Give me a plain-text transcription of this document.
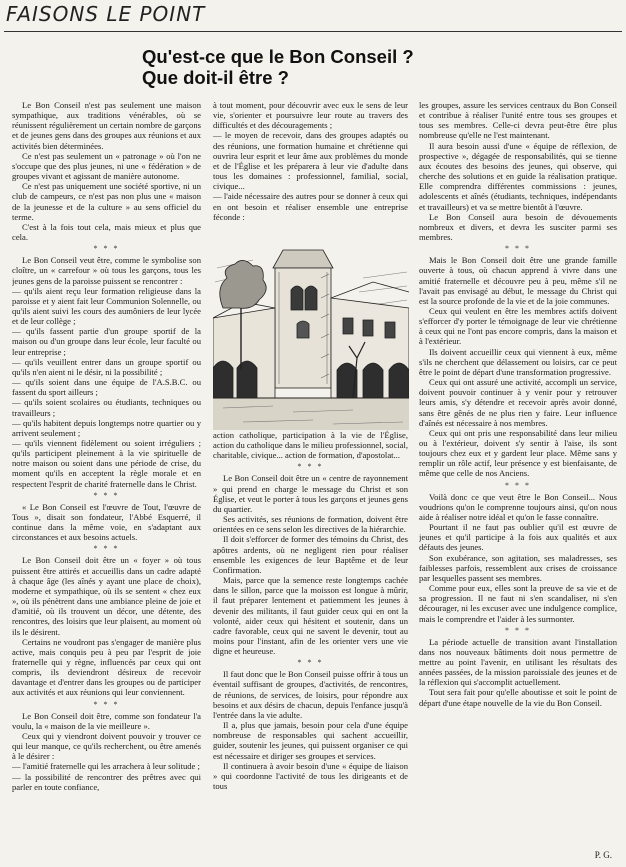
FAISONS LE POINT
Qu'est-ce que le Bon Conseil ?
Que doit-il être ?

Le Bon Conseil n'est pas seulement une maison sympathique, aux traditions vénérables, où se réunissent régulièrement un certain nombre de garçons et de jeunes gens dans des groupes aux réunions et aux activités bien déterminées.

Ce n'est pas seulement un « patronage » où l'on ne s'occupe que des plus jeunes, ni une « fédération » de groupes vivant et agissant de manière autonome.

Ce n'est pas uniquement une société sportive, ni un club de campeurs, ce n'est pas non plus une « maison de la jeunesse et de la culture » au sens officiel du terme.

C'est à la fois tout cela, mais mieux et plus que cela.

* * *

Le Bon Conseil veut être, comme le symbolise son cloître, un « carrefour » où tous les garçons, tous les jeunes gens de la paroisse puissent se rencontrer :

— qu'ils aient reçu leur formation religieuse dans la paroisse et y aient fait leur Communion Solennelle, ou qu'ils aient suivi les cours des aumôniers de leur lycée et de leur collège ;

— qu'ils fassent partie d'un groupe sportif de la maison ou d'un groupe dans leur école, leur faculté ou leur entreprise ;

— qu'ils veuillent entrer dans un groupe sportif ou qu'ils n'en aient ni le désir, ni la possibilité ;

— qu'ils soient dans une équipe de l'A.S.B.C. ou fassent du sport ailleurs ;

— qu'ils soient scolaires ou étudiants, techniques ou travailleurs ;

— qu'ils habitent depuis longtemps notre quartier ou y arrivent seulement ;

— qu'ils viennent fidèlement ou soient irréguliers ; qu'ils participent pleinement à la vie spirituelle de notre maison ou soient dans une période de crise, du moment qu'ils en acceptent la règle morale et en respectent l'esprit de charité fraternelle dans le Christ.

* * *

« Le Bon Conseil est l'œuvre de Tout, l'œuvre de Tous », disait son fondateur, l'Abbé Esquerré, il continue dans la même voie, en s'adaptant aux circonstances et aux besoins actuels.

* * *

Le Bon Conseil doit être un « foyer » où tous puissent être attirés et accueillis dans un cadre adapté à chaque âge (les aînés y ayant une place de choix), moderne et sympathique, où ils se sentent « chez eux », où ils pénètrent dans une ambiance pleine de joie et d'amitié, où ils trouvent un décor, une détente, des rencontres, des loisirs que leur plaisent, au moment où ils le désirent.

Certains ne voudront pas s'engager de manière plus active, mais conquis peu à peu par l'esprit de joie fraternelle qui y règne, influencés par ceux qui ont compris, ils deviendront désireux de recevoir davantage et d'entrer dans les groupes ou de participer aux activités et aux réunions qui leur conviennent.

* * *

Le Bon Conseil doit être, comme son fondateur l'a voulu, la « maison de la vie meilleure ».

Ceux qui y viendront doivent pouvoir y trouver ce qui leur manque, ce qu'ils recherchent, ou être amenés à le désirer :

— l'amitié fraternelle qui les arrachera à leur solitude ;

— la possibilité de rencontrer des prêtres avec qui parler en toute confiance,

à tout moment, pour découvrir avec eux le sens de leur vie, s'orienter et poursuivre leur route au travers des difficultés et des découragements ;

— le moyen de recevoir, dans des groupes adaptés ou des réunions, une formation humaine et chrétienne qui ouvrira leur esprit et leur âme aux problèmes du monde et de l'Église et les préparera à leur vie d'adulte dans tous les domaines : professionnel, familial, social, civique...

— l'aide nécessaire des autres pour se donner à ceux qui en ont besoin et réaliser ensemble une entreprise féconde :

action catholique, participation à la vie de l'Église, action du catholique dans le milieu professionnel, social, charitable, civique... action de formation, d'apostolat...

* * *

Le Bon Conseil doit être un « centre de rayonnement » qui prend en charge le message du Christ et son Église, et veut le porter à tous les garçons et jeunes gens du quartier.

Ses activités, ses réunions de formation, doivent être orientées en ce sens selon les directives de la hiérarchie.

Il doit s'efforcer de former des témoins du Christ, des apôtres ardents, où ne negligent rien pour réaliser ensemble les exigences de leur Baptême et de leur Confirmation.

Mais, parce que la semence reste longtemps cachée dans le sillon, parce que la moisson est longue à mûrir, il faut préparer lentement et patiemment les jeunes à devenir des militants, il faut guider ceux qui en ont la volonté, aider ceux qui hésitent et soutenir, dans un cadre favorable, ceux qui ne savent le devenir, tout au moins pour l'instant, afin de les orienter vers une vie digne et heureuse.

* * *

Il faut donc que le Bon Conseil puisse offrir à tous un éventail suffisant de groupes, d'activités, de rencontres, de réunions, de services, de loisirs, pour répondre aux besoins et aux désirs de chacun, depuis l'enfance jusqu'à l'entrée dans la vie adulte.

Il a, plus que jamais, besoin pour cela d'une équipe nombreuse de responsables qui sachent accueillir, guider, soutenir les jeunes, qui puissent organiser ce qui est nécessaire et diriger ses groupes et services.

Il continuera à avoir besoin d'une « équipe de liaison » qui coordonne l'activité de tous les dirigeants et de tous

les groupes, assure les services centraux du Bon Conseil et contribue à réaliser l'unité entre tous ses groupes et tous ses membres. Celle-ci devra peut-être être plus nombreuse qu'elle ne l'est maintenant.

Il aura besoin aussi d'une « équipe de réflexion, de prospective », dégagée de responsabilités, qui se tienne aux écoutes des besoins des jeunes, qui observe, qui cherche des solutions et en guide la réalisation pratique. Elle comprendra différentes commissions : jeunes, adolescents et aînés (étudiants, techniques, indépendants et travailleurs) et va se mettre bientôt à l'œuvre.

Le Bon Conseil aura besoin de dévouements nombreux et divers, et devra les susciter parmi ses membres.

* * *

Mais le Bon Conseil doit être une grande famille ouverte à tous, où chacun apprend à vivre dans une amitié fraternelle et découvre peu à peu, même s'il ne l'avait pas envisagé au début, le message du Christ qui est la source profonde de la vie et de la joie communes.

Ceux qui veulent en être les membres actifs doivent s'efforcer d'y porter le témoignage de leur vie chrétienne à ceux qui ne l'ont pas encore compris, dans la maison et à l'extérieur.

Ils doivent accueillir ceux qui viennent à eux, même s'ils ne cherchent que délassement ou loisirs, car ce peut être le point de départ d'une transformation progressive.

Ceux qui ont assuré une activité, accompli un service, doivent pouvoir continuer à y venir pour y retrouver leurs amis, s'y détendre et recevoir après avoir donné, sans être gênés de ne plus rien y faire. Leur influence d'aînés est nécessaire à nos membres.

Ceux qui ont pris une responsabilité dans leur milieu ou à l'extérieur, doivent s'y sentir à l'aise, ils sont toujours chez eux et y gardent leur place. Même sans y remplir un rôle actif, leur présence y est bienfaisante, de même que celle de nos Anciens.

* * *

Voilà donc ce que veut être le Bon Conseil... Nous voudrions qu'on le comprenne toujours ainsi, qu'on nous aide à réaliser notre idéal et qu'on le fasse connaître.

Pourtant il ne faut pas oublier qu'il est œuvre de jeunes et qu'il participe à la fois aux qualités et aux défauts des jeunes.

Son exubérance, son agitation, ses maladresses, ses faiblesses parfois, ressemblent aux crises de croissance par lesquelles passent ses membres.

Comme pour eux, elles sont la preuve de sa vie et de sa progression. Il ne faut ni s'en scandaliser, ni s'en décourager, ni les excuser avec une indulgence complice, mais le comprendre et l'aider à les surmonter.

* * *

La période actuelle de transition avant l'installation dans nos nouveaux bâtiments doit nous permettre de mettre au point l'avenir, en utilisant les résultats des années passées, de la mission paroissiale des jeunes et de la réflexion qui s'accomplit actuellement.

Tout sera fait pour qu'elle aboutisse et soit le point de départ d'une étape nouvelle de la vie du Bon Conseil.

P. G.
